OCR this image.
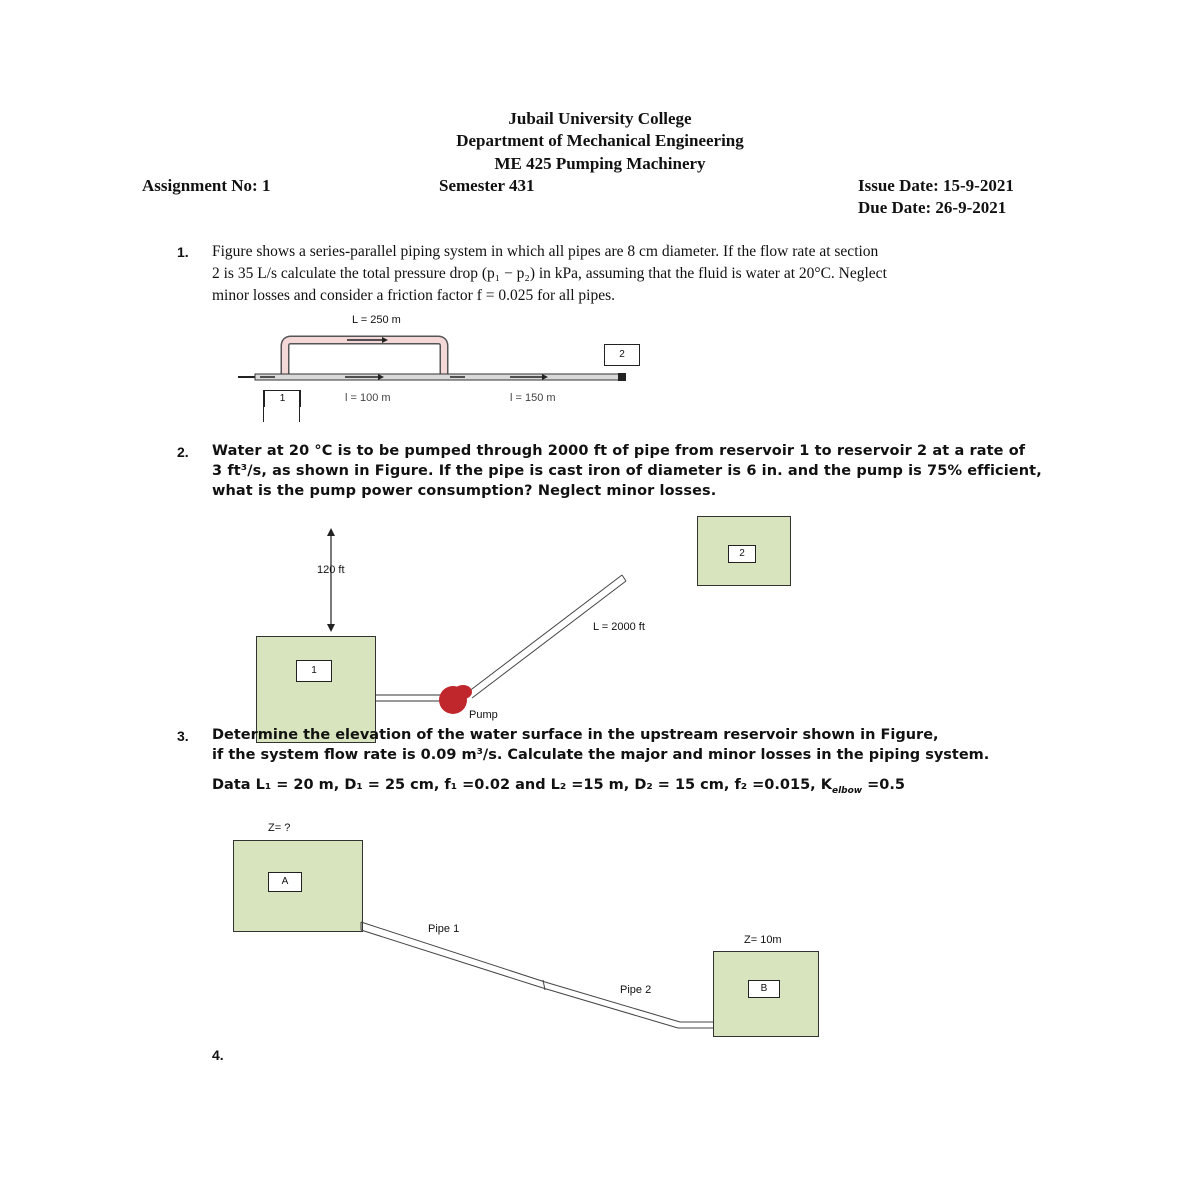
Jubail University College
Department of Mechanical Engineering
ME 425 Pumping Machinery
Assignment No: 1	Semester 431	Issue Date: 15-9-2021
Due Date: 26-9-2021
1. Figure shows a series-parallel piping system in which all pipes are 8 cm diameter. If the flow rate at section
2 is 35 L/s calculate the total pressure drop (p₁ − p₂) in kPa, assuming that the fluid is water at 20°C. Neglect
minor losses and consider a friction factor f = 0.025 for all pipes.
L = 250 m
l = 100 m	l = 150 m
1
2
2. Water at 20 °C is to be pumped through 2000 ft of pipe from reservoir 1 to reservoir 2 at a rate of
3 ft³/s, as shown in Figure. If the pipe is cast iron of diameter is 6 in. and the pump is 75% efficient,
what is the pump power consumption? Neglect minor losses.
1
2
120 ft
L = 2000 ft
Pump
3. Determine the elevation of the water surface in the upstream reservoir shown in Figure,
if the system flow rate is 0.09 m³/s. Calculate the major and minor losses in the piping system.
Data L₁ = 20 m, D₁ = 25 cm, f₁ =0.02 and L₂ =15 m, D₂ = 15 cm, f₂ =0.015, $K_{elbow} =0.5$
Z= ?
A
Z= 10m
B
Pipe 1
Pipe 2
4.
